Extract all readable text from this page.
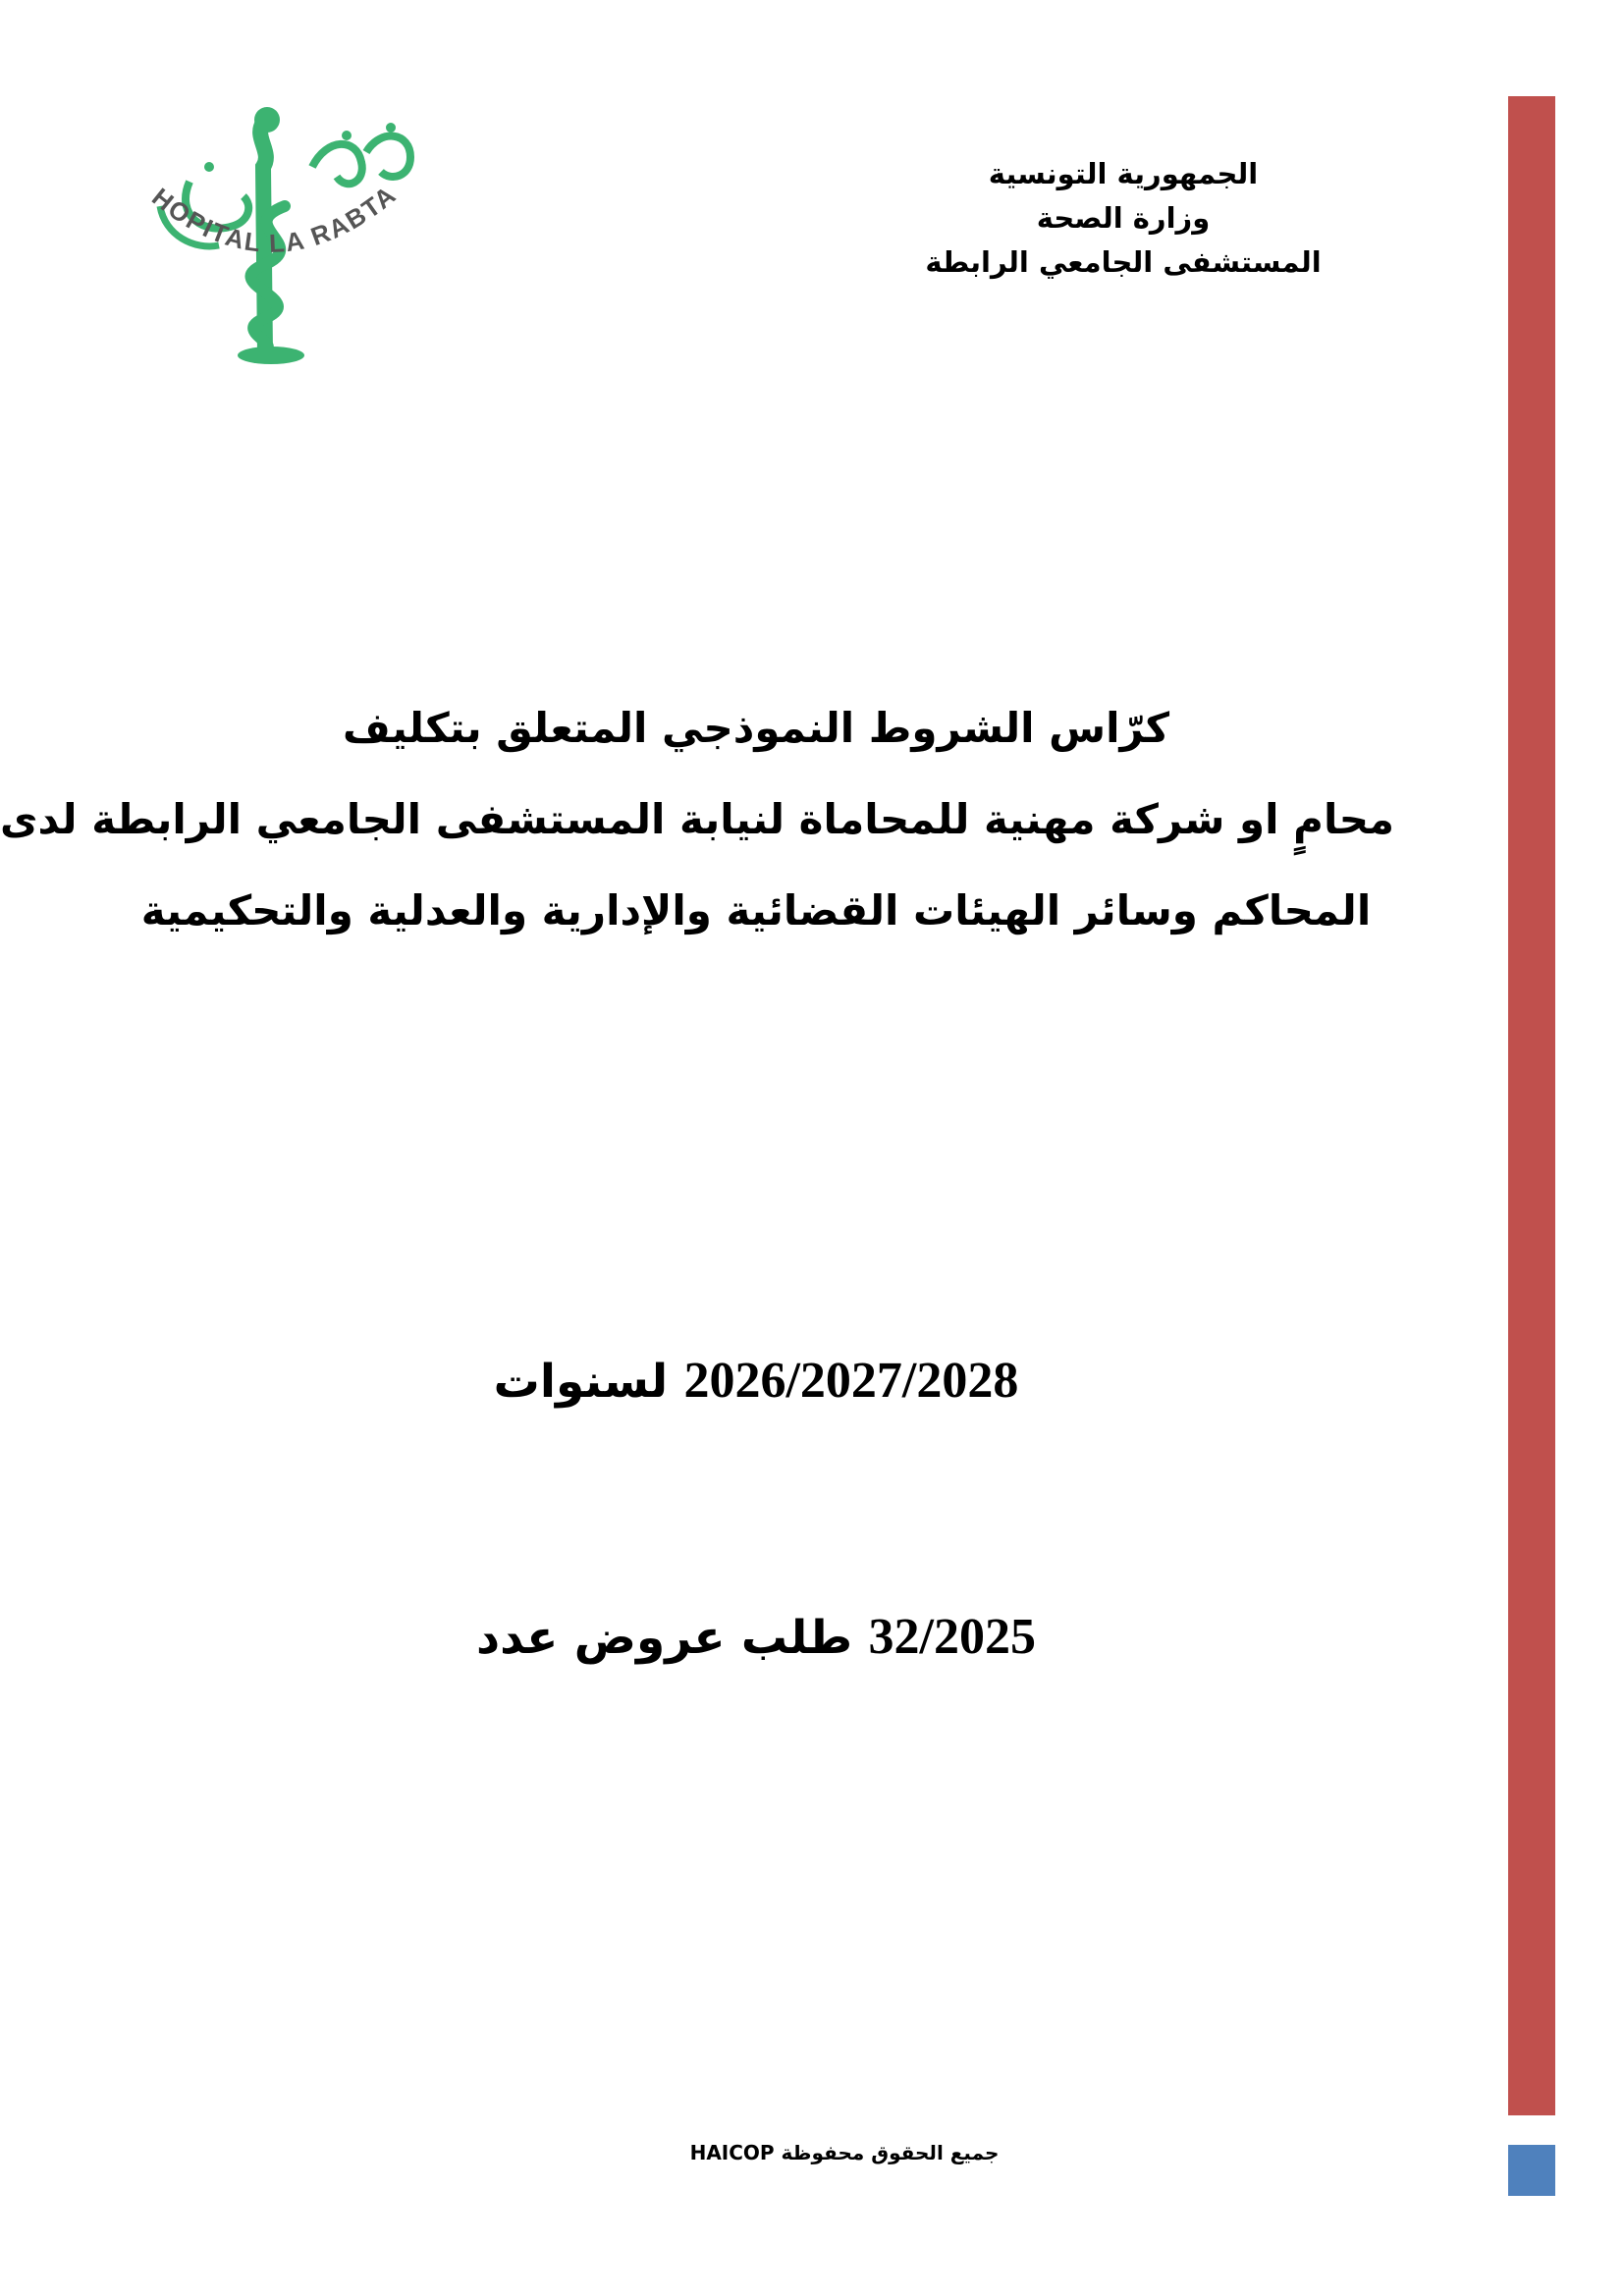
HOPITAL LA RABTA
الجمهورية التونسية
وزارة الصحة
المستشفى الجامعي الرابطة
كرّاس الشروط النموذجي المتعلق بتكليف
محامٍ او شركة مهنية للمحاماة لنيابة المستشفى الجامعي الرابطة لدى
المحاكم وسائر الهيئات القضائية والإدارية والعدلية والتحكيمية
لسنوات 2026/2027/2028
طلب عروض عدد 32/2025
جميع الحقوق محفوظة HAICOP
